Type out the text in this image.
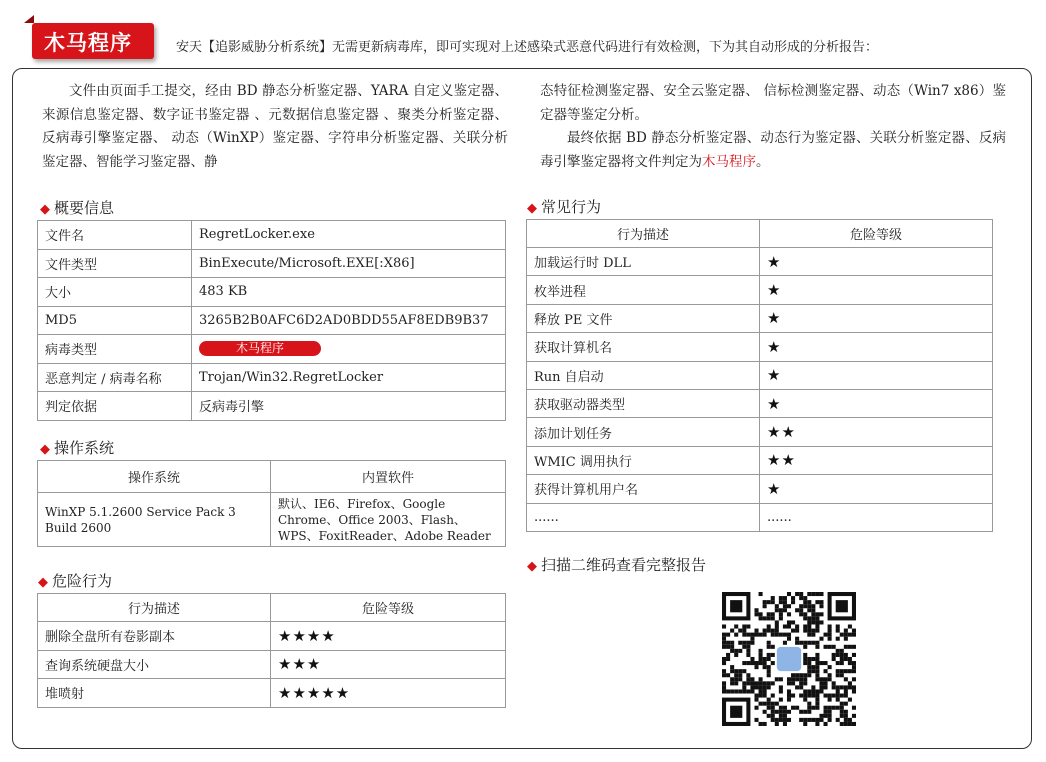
木马程序	安天【追影威胁分析系统】无需更新病毒库，即可实现对上述感染式恶意代码进行有效检测，下为其自动形成的分析报告：

文件由页面手工提交，经由 BD 静态分析鉴定器、YARA 自定义鉴定器、来源信息鉴定器、数字证书鉴定器 、元数据信息鉴定器 、聚类分析鉴定器、反病毒引擎鉴定器、 动态（WinXP）鉴定器、字符串分析鉴定器、关联分析鉴定器、智能学习鉴定器、静

态特征检测鉴定器、安全云鉴定器、 信标检测鉴定器、动态（Win7 x86）鉴定器等鉴定分析。

最终依据 BD 静态分析鉴定器、动态行为鉴定器、关联分析鉴定器、反病毒引擎鉴定器将文件判定为木马程序。

◆ 概要信息
文件名	RegretLocker.exe
文件类型	BinExecute/Microsoft.EXE[:X86]
大小	483 KB
MD5	3265B2B0AFC6D2AD0BDD55AF8EDB9B37
病毒类型	木马程序
恶意判定 / 病毒名称	Trojan/Win32.RegretLocker
判定依据	反病毒引擎
◆ 操作系统
操作系统	内置软件
WinXP 5.1.2600 Service Pack 3 Build 2600	默认、IE6、Firefox、Google Chrome、Office 2003、Flash、WPS、FoxitReader、Adobe Reader
◆ 危险行为
行为描述	危险等级
删除全盘所有卷影副本	★★★★
查询系统硬盘大小	★★★
堆喷射	★★★★★
◆ 常见行为
行为描述	危险等级
加载运行时 DLL	★
枚举进程	★
释放 PE 文件	★
获取计算机名	★
Run 自启动	★
获取驱动器类型	★
添加计划任务	★★
WMIC 调用执行	★★
获得计算机用户名	★
......	......
◆ 扫描二维码查看完整报告
